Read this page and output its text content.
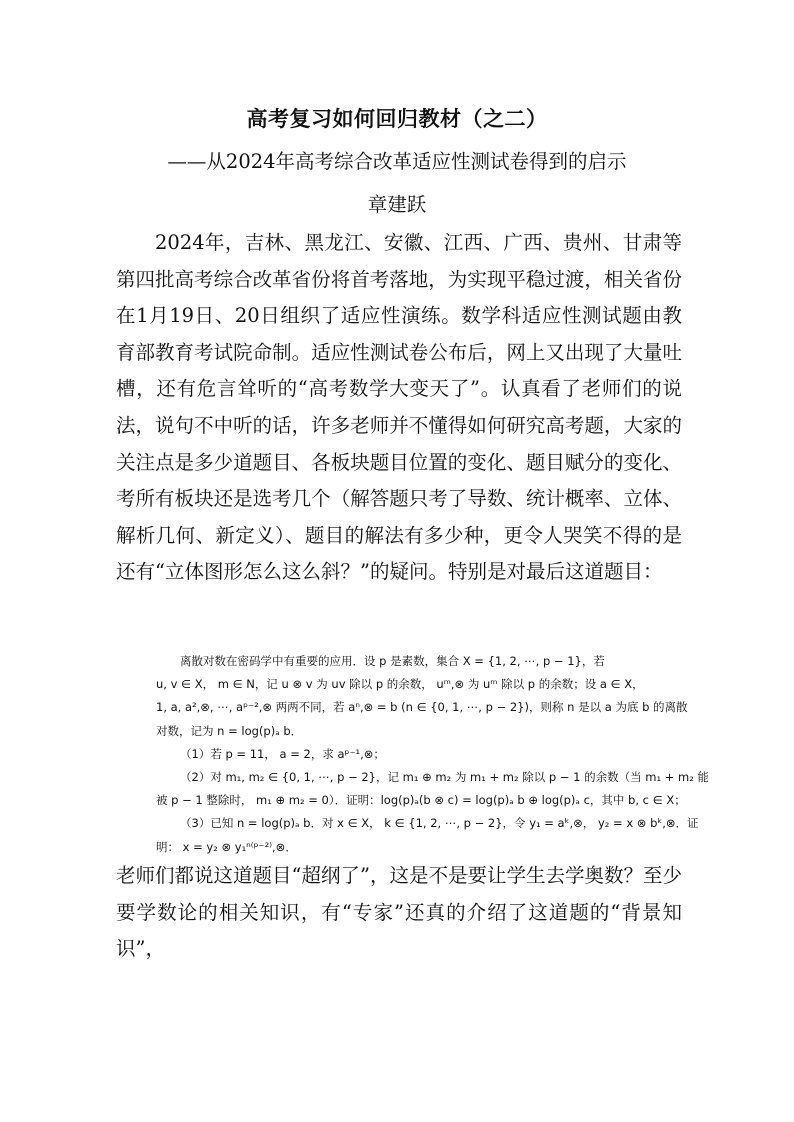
高考复习如何回归教材（之二）
——从2024年高考综合改革适应性测试卷得到的启示
章建跃

2024年，吉林、黑龙江、安徽、江西、广西、贵州、甘肃等第四批高考综合改革省份将首考落地，为实现平稳过渡，相关省份在1月19日、20日组织了适应性演练。数学科适应性测试题由教育部教育考试院命制。适应性测试卷公布后，网上又出现了大量吐槽，还有危言耸听的“高考数学大变天了”。认真看了老师们的说法，说句不中听的话，许多老师并不懂得如何研究高考题，大家的关注点是多少道题目、各板块题目位置的变化、题目赋分的变化、考所有板块还是选考几个（解答题只考了导数、统计概率、立体、解析几何、新定义）、题目的解法有多少种，更令人哭笑不得的是还有“立体图形怎么这么斜？”的疑问。特别是对最后这道题目：

离散对数在密码学中有重要的应用．设 p 是素数，集合 X = {1, 2, ⋯, p − 1}，若
u, v ∈ X， m ∈ N，记 u ⊗ v 为 uv 除以 p 的余数， uᵐ,⊗ 为 uᵐ 除以 p 的余数；设 a ∈ X，
1, a, a²,⊗, ⋯, aᵖ⁻²,⊗ 两两不同，若 aⁿ,⊗ = b (n ∈ {0, 1, ⋯, p − 2})，则称 n 是以 a 为底 b 的离散
对数，记为 n = log(p)ₐ b．
（1）若 p = 11， a = 2，求 aᵖ⁻¹,⊗；
（2）对 m₁, m₂ ∈ {0, 1, ⋯, p − 2}，记 m₁ ⊕ m₂ 为 m₁ + m₂ 除以 p − 1 的余数（当 m₁ + m₂ 能
被 p − 1 整除时， m₁ ⊕ m₂ = 0）．证明：log(p)ₐ(b ⊗ c) = log(p)ₐ b ⊕ log(p)ₐ c，其中 b, c ∈ X；
（3）已知 n = log(p)ₐ b．对 x ∈ X， k ∈ {1, 2, ⋯, p − 2}，令 y₁ = aᵏ,⊗， y₂ = x ⊗ bᵏ,⊗．证
明： x = y₂ ⊗ y₁ⁿ⁽ᵖ⁻²⁾,⊗．

老师们都说这道题目“超纲了”，这是不是要让学生去学奥数？至少要学数论的相关知识，有“专家”还真的介绍了这道题的“背景知识”，
